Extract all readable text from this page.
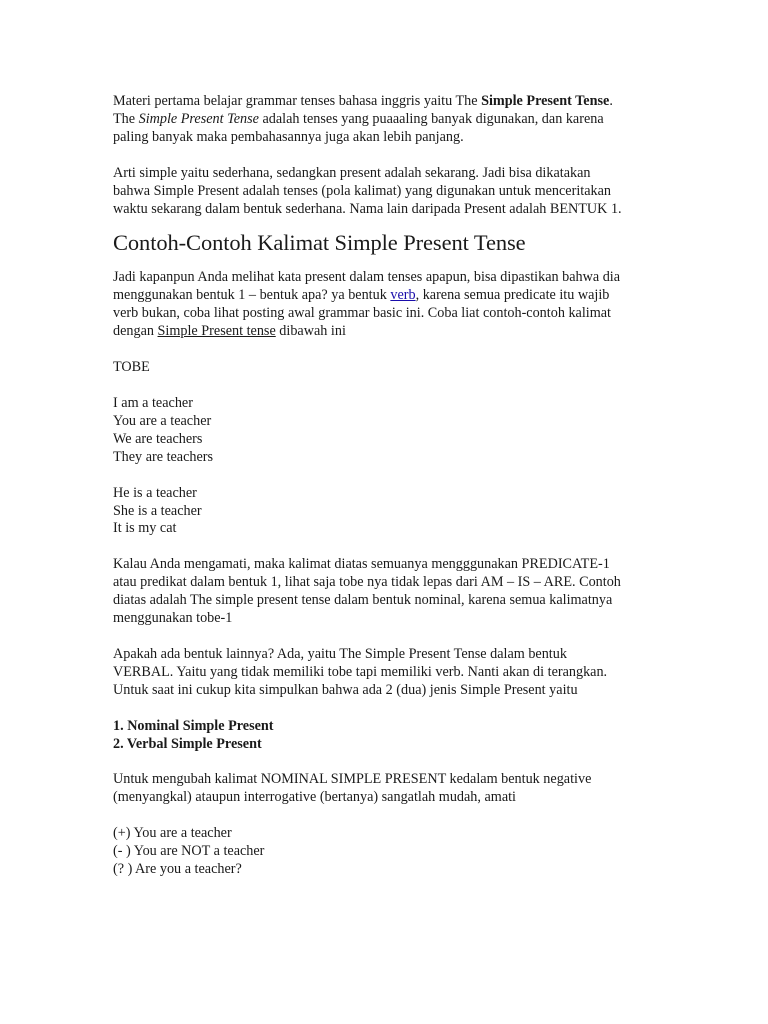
Materi pertama belajar grammar tenses bahasa inggris yaitu The Simple Present Tense.
The Simple Present Tense adalah tenses yang puaaaling banyak digunakan, dan karena
paling banyak maka pembahasannya juga akan lebih panjang.

Arti simple yaitu sederhana, sedangkan present adalah sekarang. Jadi bisa dikatakan
bahwa Simple Present adalah tenses (pola kalimat) yang digunakan untuk menceritakan
waktu sekarang dalam bentuk sederhana. Nama lain daripada Present adalah BENTUK 1.

Contoh-Contoh Kalimat Simple Present Tense

Jadi kapanpun Anda melihat kata present dalam tenses apapun, bisa dipastikan bahwa dia
menggunakan bentuk 1 – bentuk apa? ya bentuk verb, karena semua predicate itu wajib
verb bukan, coba lihat posting awal grammar basic ini. Coba liat contoh-contoh kalimat
dengan Simple Present tense dibawah ini

TOBE

I am a teacher
You are a teacher
We are teachers
They are teachers

He is a teacher
She is a teacher
It is my cat

Kalau Anda mengamati, maka kalimat diatas semuanya mengggunakan PREDICATE-1
atau predikat dalam bentuk 1, lihat saja tobe nya tidak lepas dari AM – IS – ARE. Contoh
diatas adalah The simple present tense dalam bentuk nominal, karena semua kalimatnya
menggunakan tobe-1

Apakah ada bentuk lainnya? Ada, yaitu The Simple Present Tense dalam bentuk
VERBAL. Yaitu yang tidak memiliki tobe tapi memiliki verb. Nanti akan di terangkan.
Untuk saat ini cukup kita simpulkan bahwa ada 2 (dua) jenis Simple Present yaitu

1. Nominal Simple Present
2. Verbal Simple Present

Untuk mengubah kalimat NOMINAL SIMPLE PRESENT kedalam bentuk negative
(menyangkal) ataupun interrogative (bertanya) sangatlah mudah, amati

(+) You are a teacher
(- ) You are NOT a teacher
(? ) Are you a teacher?
